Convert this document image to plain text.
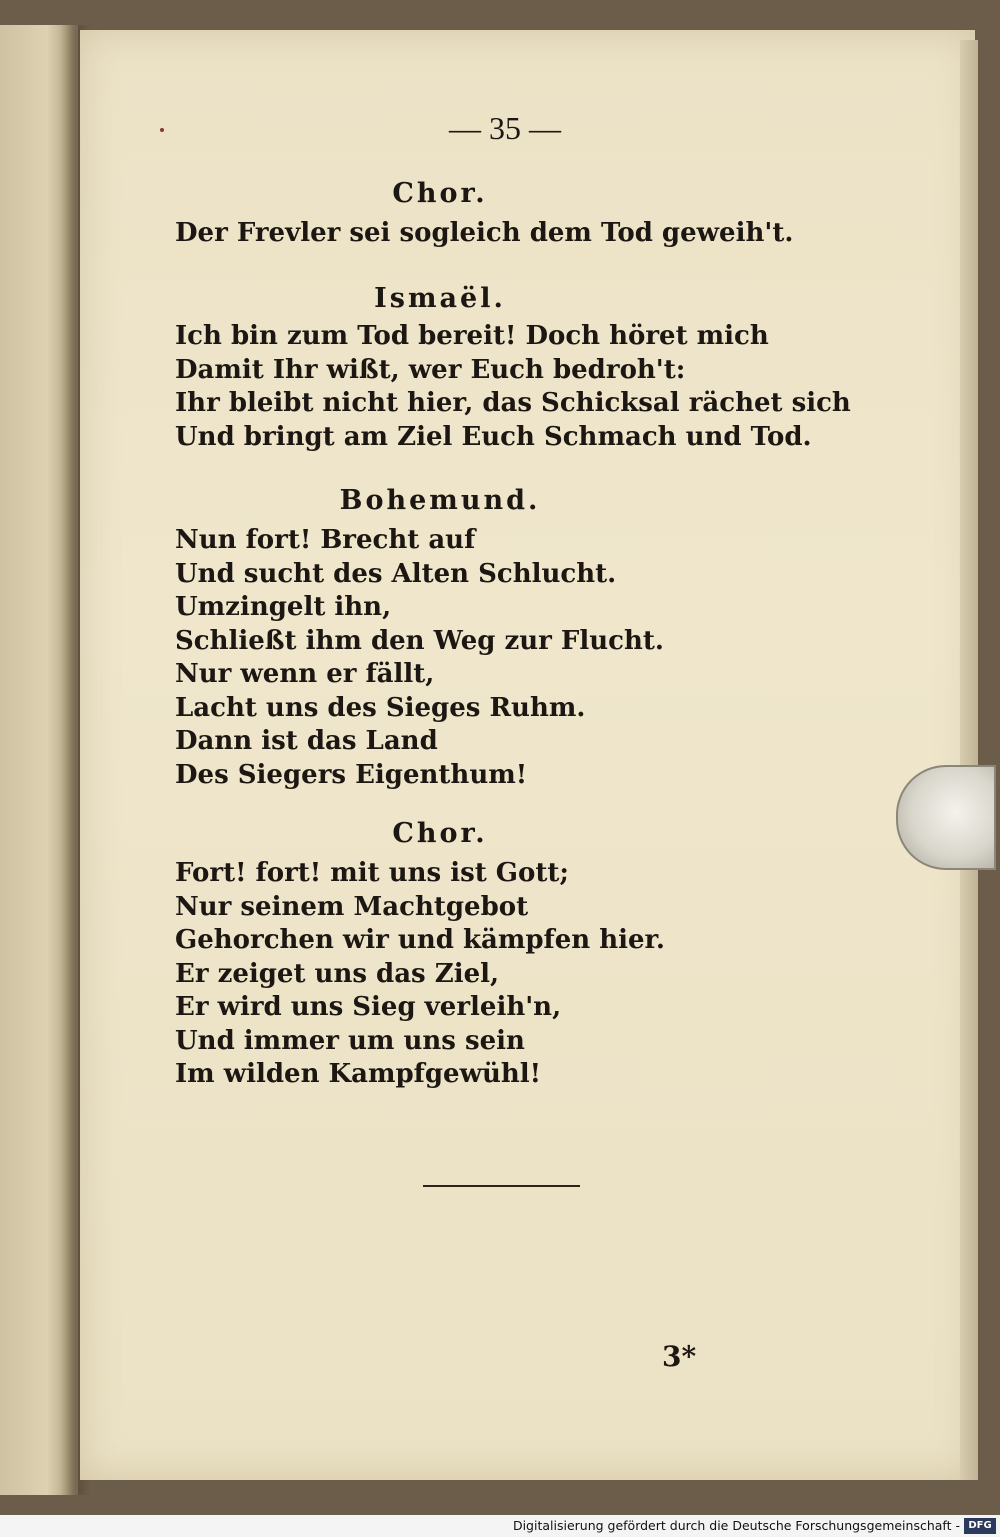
— 35 —
Chor.
Der Frevler sei sogleich dem Tod geweih't.
Ismaël.
Ich bin zum Tod bereit! Doch höret mich
Damit Ihr wißt, wer Euch bedroh't:
Ihr bleibt nicht hier, das Schicksal rächet sich
Und bringt am Ziel Euch Schmach und Tod.
Bohemund.
Nun fort! Brecht auf
Und sucht des Alten Schlucht.
Umzingelt ihn,
Schließt ihm den Weg zur Flucht.
Nur wenn er fällt,
Lacht uns des Sieges Ruhm.
Dann ist das Land
Des Siegers Eigenthum!
Chor.
Fort! fort! mit uns ist Gott;
Nur seinem Machtgebot
Gehorchen wir und kämpfen hier.
Er zeiget uns das Ziel,
Er wird uns Sieg verleih'n,
Und immer um uns sein
Im wilden Kampfgewühl!
3*
Digitalisierung gefördert durch die Deutsche Forschungsgemeinschaft - DFG
